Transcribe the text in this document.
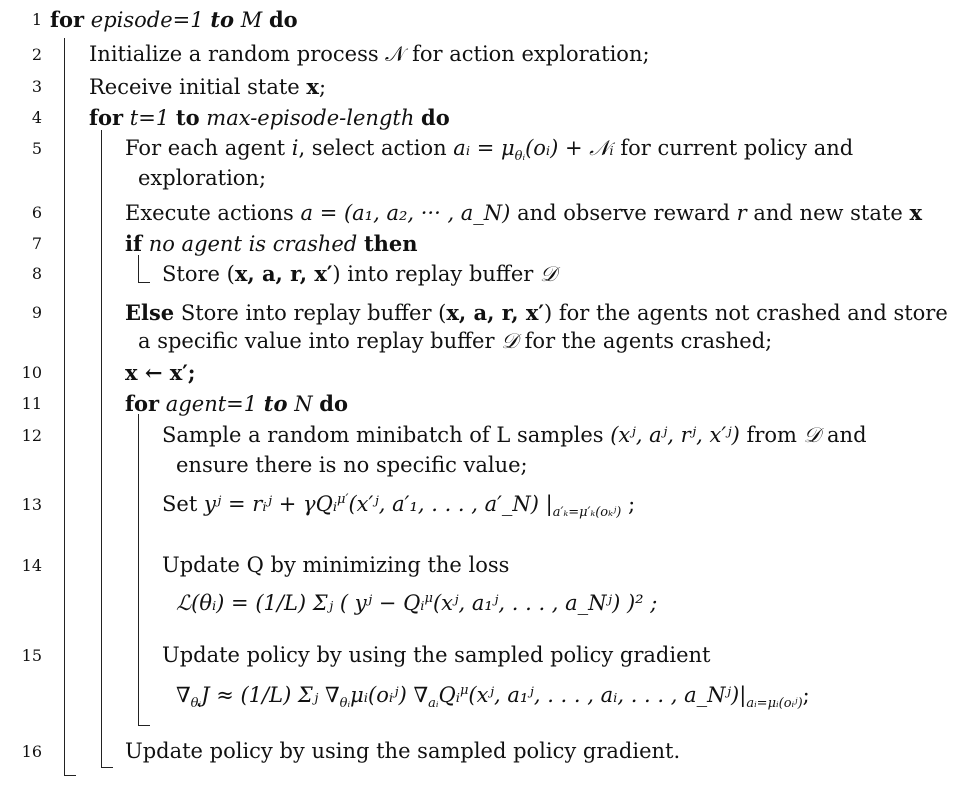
1
2
3
4
5
6
7
8
9
10
11
12
13
14
15
16
for episode=1 to M do
Initialize a random process 𝒩 for action exploration;
Receive initial state x;
for t=1 to max-episode-length do
For each agent i, select action aᵢ = $\mu_{\theta ᵢ}(oᵢ)$ + 𝒩ᵢ for current policy and
exploration;
Execute actions a = (a₁, a₂, ··· , a_N) and observe reward r and new state x
if no agent is crashed then
Store (x, a, r, x′) into replay buffer 𝒟
Else Store into replay buffer (x, a, r, x′) for the agents not crashed and store
a specific value into replay buffer 𝒟 for the agents crashed;
x ← x′;
for agent=1 to N do
Sample a random minibatch of L samples (xʲ, aʲ, rʲ, x′ʲ) from 𝒟 and
ensure there is no specific value;
Set yʲ = rᵢʲ + γQᵢ$^{\mu'}$(x′ʲ, a′₁, . . . , a′_N) $|_{a'_k=\mu'_k(o_kʲ)}$ ;
Update Q by minimizing the loss
ℒ(θᵢ) = (1/L) Σⱼ ( yʲ − Qᵢ$^\mu$(xʲ, a₁ʲ, . . . , a_Nʲ) )² ;
Update policy by using the sampled policy gradient
$\nabla_{\theta ᵢ}J \approx (1/L)$ Σⱼ $\nabla_{\theta ᵢ}\mu ᵢ(oᵢʲ)$ $\nabla_{aᵢ}Qᵢ^\mu(xʲ$, a₁ʲ, . . . , aᵢ, . . . , $a\_Nʲ)|_{aᵢ=\mu ᵢ(oᵢʲ)}$;
Update policy by using the sampled policy gradient.
